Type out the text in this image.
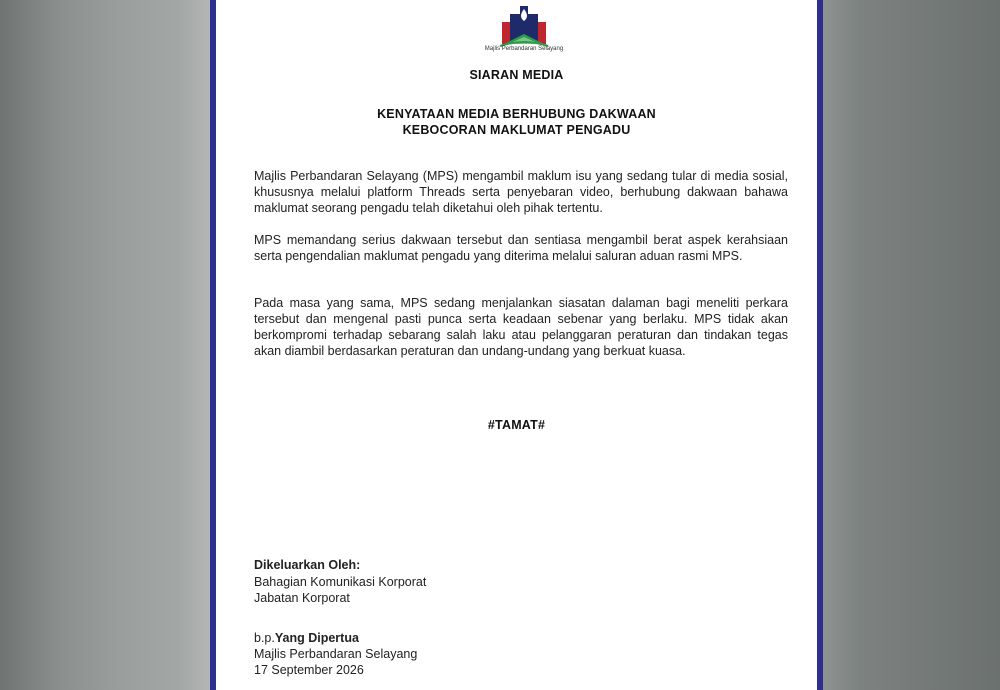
Majlis Perbandaran Selayang
SIARAN MEDIA
KENYATAAN MEDIA BERHUBUNG DAKWAAN
KEBOCORAN MAKLUMAT PENGADU
Majlis Perbandaran Selayang (MPS) mengambil maklum isu yang sedang tular di media sosial, khususnya melalui platform Threads serta penyebaran video, berhubung dakwaan bahawa maklumat seorang pengadu telah diketahui oleh pihak tertentu.
MPS memandang serius dakwaan tersebut dan sentiasa mengambil berat aspek kerahsiaan serta pengendalian maklumat pengadu yang diterima melalui saluran aduan rasmi MPS.
Pada masa yang sama, MPS sedang menjalankan siasatan dalaman bagi meneliti perkara tersebut dan mengenal pasti punca serta keadaan sebenar yang berlaku. MPS tidak akan berkompromi terhadap sebarang salah laku atau pelanggaran peraturan dan tindakan tegas akan diambil berdasarkan peraturan dan undang-undang yang berkuat kuasa.
#TAMAT#
Dikeluarkan Oleh:
Bahagian Komunikasi Korporat
Jabatan Korporat
b.p.Yang Dipertua
Majlis Perbandaran Selayang
17 September 2026
